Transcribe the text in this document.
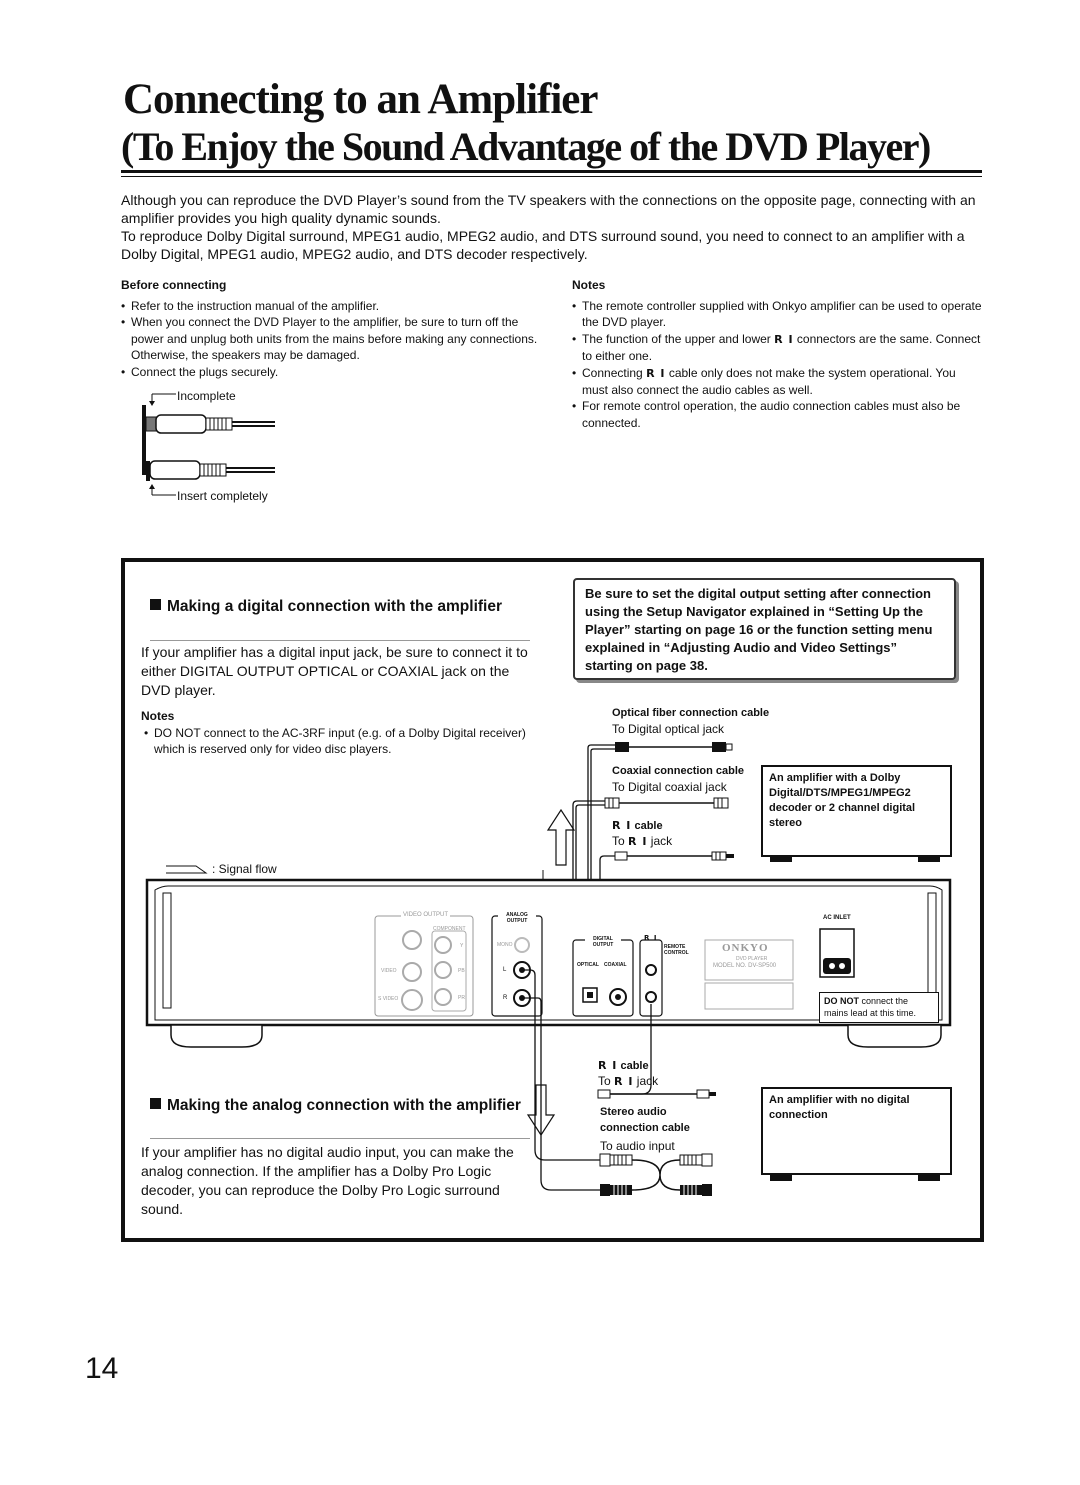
Connecting to an Amplifier
(To Enjoy the Sound Advantage of the DVD Player)

Although you can reproduce the DVD Player’s sound from the TV speakers with the connections on the opposite page, connecting with an amplifier provides you high quality dynamic sounds.

To reproduce Dolby Digital surround, MPEG1 audio, MPEG2 audio, and DTS surround sound, you need to connect to an amplifier with a Dolby Digital, MPEG1 audio, MPEG2 audio, and DTS decoder respectively.

Before connecting
• Refer to the instruction manual of the amplifier.
• When you connect the DVD Player to the amplifier, be sure to turn off the power and unplug both units from the mains before making any connections. Otherwise, the speakers may be damaged.
• Connect the plugs securely.
Incomplete
Insert completely
Notes
• The remote controller supplied with Onkyo amplifier can be used to operate the DVD player.
• The function of the upper and lower R I connectors are the same. Connect to either one.
• Connecting R I cable only does not make the system operational. You must also connect the audio cables as well.
• For remote control operation, the audio connection cables must also be connected.
Making a digital connection with the amplifier
If your amplifier has a digital input jack, be sure to connect it to either DIGITAL OUTPUT OPTICAL or COAXIAL jack on the DVD player.
Notes
• DO NOT connect to the AC-3RF input (e.g. of a Dolby Digital receiver) which is reserved only for video disc players.
Be sure to set the digital output setting after connection using the Setup Navigator explained in “Setting Up the Player” starting on page 16 or the function setting menu explained in “Adjusting Audio and Video Settings” starting on page 38.
Optical fiber connection cable
To Digital optical jack
Coaxial connection cable
To Digital coaxial jack
R I cable
To R I jack
An amplifier with a Dolby Digital/DTS/MPEG1/MPEG2 decoder or 2 channel digital stereo
: Signal flow
Making the analog connection with the amplifier
If your amplifier has no digital audio input, you can make the analog connection. If the amplifier has a Dolby Pro Logic decoder, you can reproduce the Dolby Pro Logic surround sound.
R I cable
To R I jack
Stereo audio
connection cable
To audio input
An amplifier with no digital connection
VIDEO OUTPUT
COMPONENT
Y
PB
PR
VIDEO
S VIDEO
ANALOG OUTPUT
MONO
L
R
DIGITAL OUTPUT
OPTICAL COAXIAL
R I
REMOTE CONTROL	ONKYO
DVD PLAYER
MODEL NO. DV-SP500
AC INLET
DO NOT connect the mains lead at this time.
14
